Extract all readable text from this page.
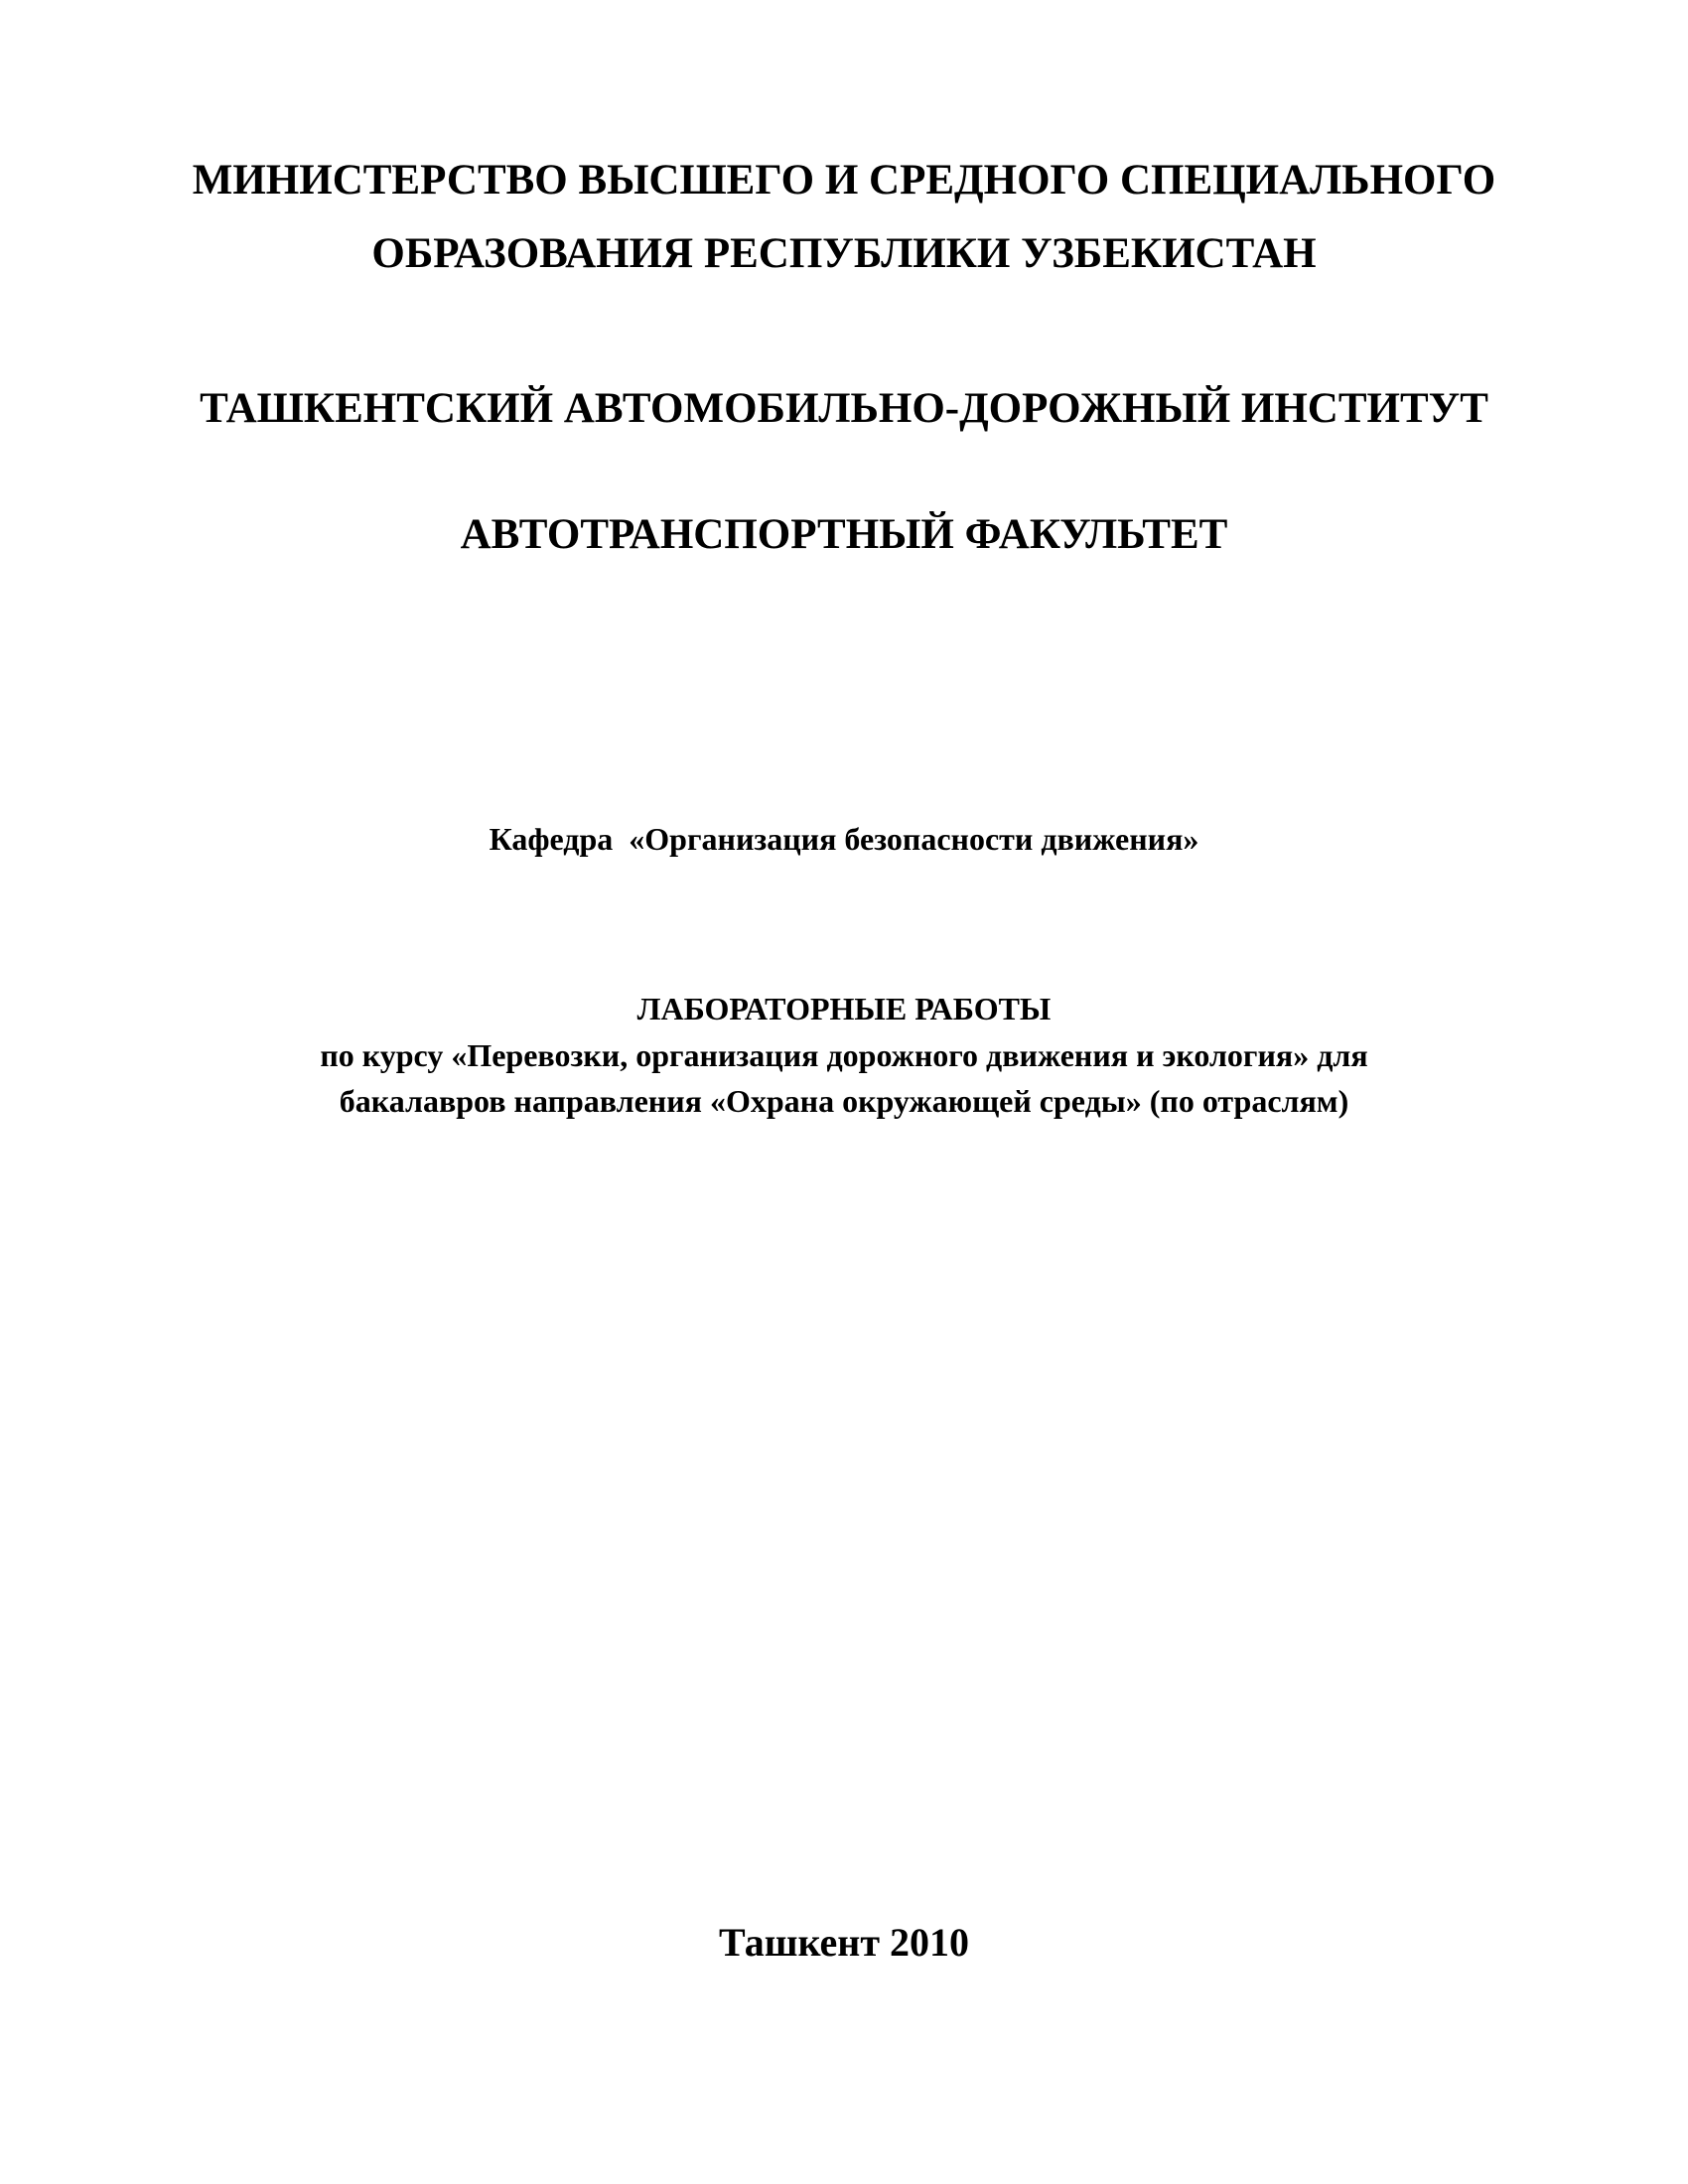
МИНИСТЕРСТВО ВЫСШЕГО И СРЕДНОГО СПЕЦИАЛЬНОГО
ОБРАЗОВАНИЯ РЕСПУБЛИКИ УЗБЕКИСТАН
ТАШКЕНТСКИЙ АВТОМОБИЛЬНО-ДОРОЖНЫЙ ИНСТИТУТ
АВТОТРАНСПОРТНЫЙ ФАКУЛЬТЕТ
Кафедра  «Организация безопасности движения»
ЛАБОРАТОРНЫЕ РАБОТЫ
по курсу «Перевозки, организация дорожного движения и экология» для
бакалавров направления «Охрана окружающей среды» (по отраслям)
Ташкент 2010
